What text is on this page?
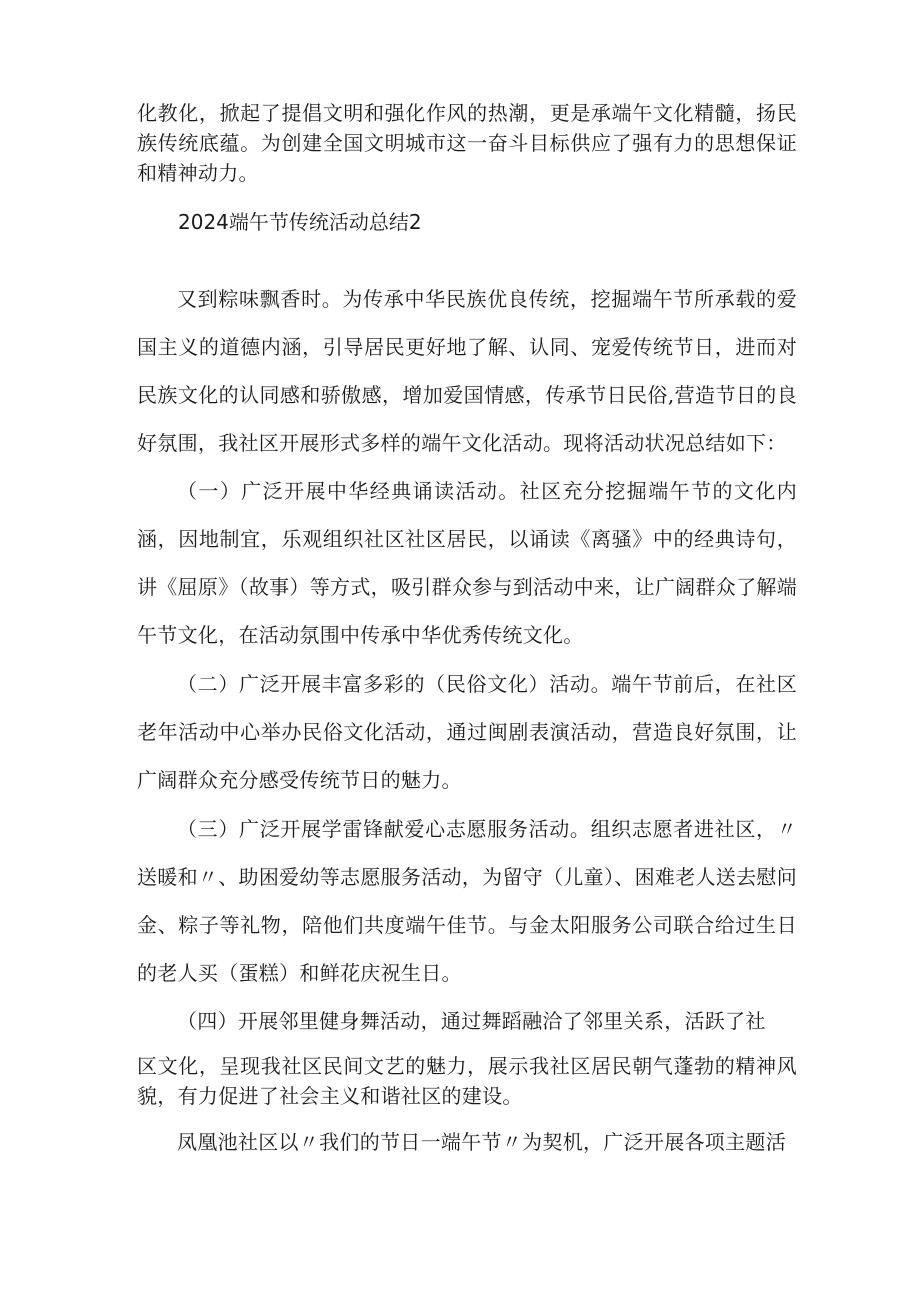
化教化，掀起了提倡文明和强化作风的热潮，更是承端午文化精髓，扬民族传统底蕴。为创建全国文明城市这一奋斗目标供应了强有力的思想保证和精神动力。

2024端午节传统活动总结2

又到粽味飘香时。为传承中华民族优良传统，挖掘端午节所承载的爱国主义的道德内涵，引导居民更好地了解、认同、宠爱传统节日，进而对民族文化的认同感和骄傲感，增加爱国情感，传承节日民俗,营造节日的良好氛围，我社区开展形式多样的端午文化活动。现将活动状况总结如下：

（一）广泛开展中华经典诵读活动。社区充分挖掘端午节的文化内涵，因地制宜，乐观组织社区社区居民，以诵读《离骚》中的经典诗句，讲《屈原》（故事）等方式，吸引群众参与到活动中来，让广阔群众了解端午节文化，在活动氛围中传承中华优秀传统文化。

（二）广泛开展丰富多彩的（民俗文化）活动。端午节前后，在社区老年活动中心举办民俗文化活动，通过闽剧表演活动，营造良好氛围，让广阔群众充分感受传统节日的魅力。

（三）广泛开展学雷锋献爱心志愿服务活动。组织志愿者进社区，〃送暖和〃、助困爱幼等志愿服务活动，为留守（儿童）、困难老人送去慰问金、粽子等礼物，陪他们共度端午佳节。与金太阳服务公司联合给过生日的老人买（蛋糕）和鲜花庆祝生日。

（四）开展邻里健身舞活动，通过舞蹈融洽了邻里关系，活跃了社

区文化，呈现我社区民间文艺的魅力，展示我社区居民朝气蓬勃的精神风貌，有力促进了社会主义和谐社区的建设。

凤凰池社区以〃我们的节日一端午节〃为契机，广泛开展各项主题活
